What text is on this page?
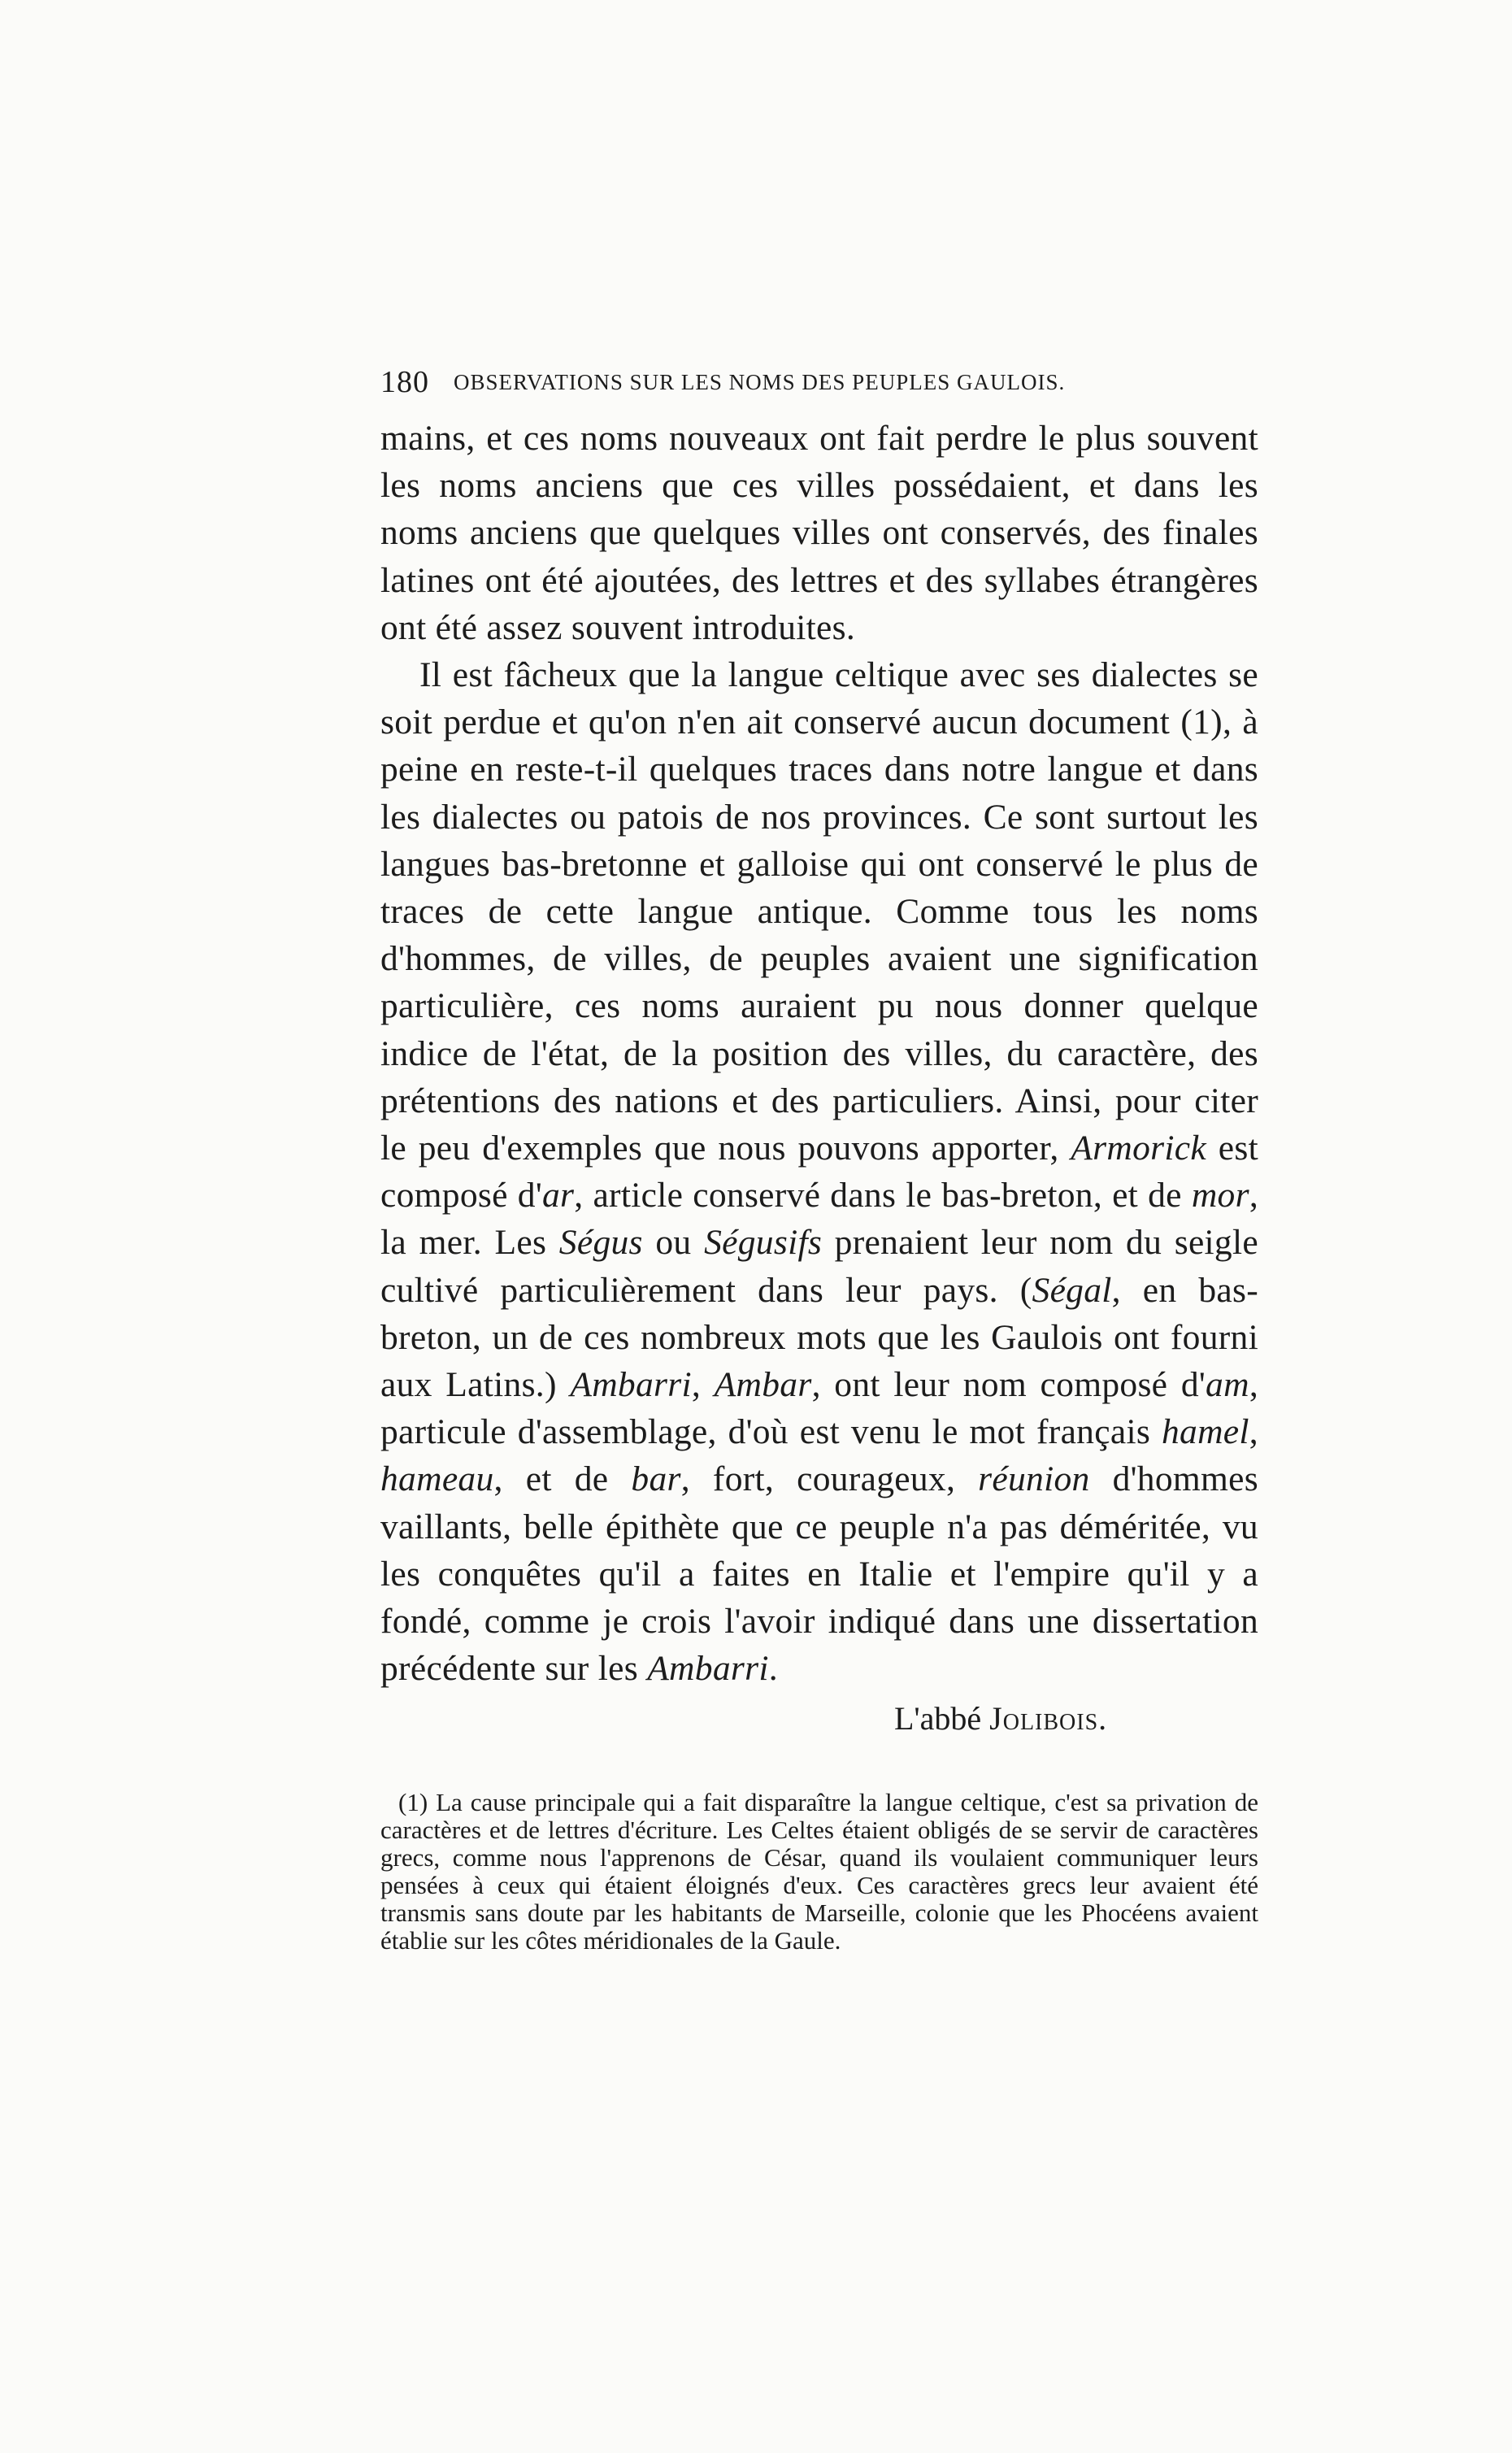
180 OBSERVATIONS SUR LES NOMS DES PEUPLES GAULOIS.

mains, et ces noms nouveaux ont fait perdre le plus souvent les noms anciens que ces villes possédaient, et dans les noms anciens que quelques villes ont conservés, des finales latines ont été ajoutées, des lettres et des syllabes étrangères ont été assez souvent introduites.

Il est fâcheux que la langue celtique avec ses dialectes se soit perdue et qu'on n'en ait conservé aucun document (1), à peine en reste-t-il quelques traces dans notre langue et dans les dialectes ou patois de nos provinces. Ce sont surtout les langues bas-bretonne et galloise qui ont conservé le plus de traces de cette langue antique. Comme tous les noms d'hommes, de villes, de peuples avaient une signification particulière, ces noms auraient pu nous donner quelque indice de l'état, de la position des villes, du caractère, des prétentions des nations et des particuliers. Ainsi, pour citer le peu d'exemples que nous pouvons apporter, Armorick est composé d'ar, article conservé dans le bas-breton, et de mor, la mer. Les Ségus ou Ségusifs prenaient leur nom du seigle cultivé particulièrement dans leur pays. (Ségal, en bas-breton, un de ces nombreux mots que les Gaulois ont fourni aux Latins.) Ambarri, Ambar, ont leur nom composé d'am, particule d'assemblage, d'où est venu le mot français hamel, hameau, et de bar, fort, courageux, réunion d'hommes vaillants, belle épithète que ce peuple n'a pas déméritée, vu les conquêtes qu'il a faites en Italie et l'empire qu'il y a fondé, comme je crois l'avoir indiqué dans une dissertation précédente sur les Ambarri.

L'abbé Jolibois.

(1) La cause principale qui a fait disparaître la langue celtique, c'est sa privation de caractères et de lettres d'écriture. Les Celtes étaient obligés de se servir de caractères grecs, comme nous l'apprenons de César, quand ils voulaient communiquer leurs pensées à ceux qui étaient éloignés d'eux. Ces caractères grecs leur avaient été transmis sans doute par les habitants de Marseille, colonie que les Phocéens avaient établie sur les côtes méridionales de la Gaule.
